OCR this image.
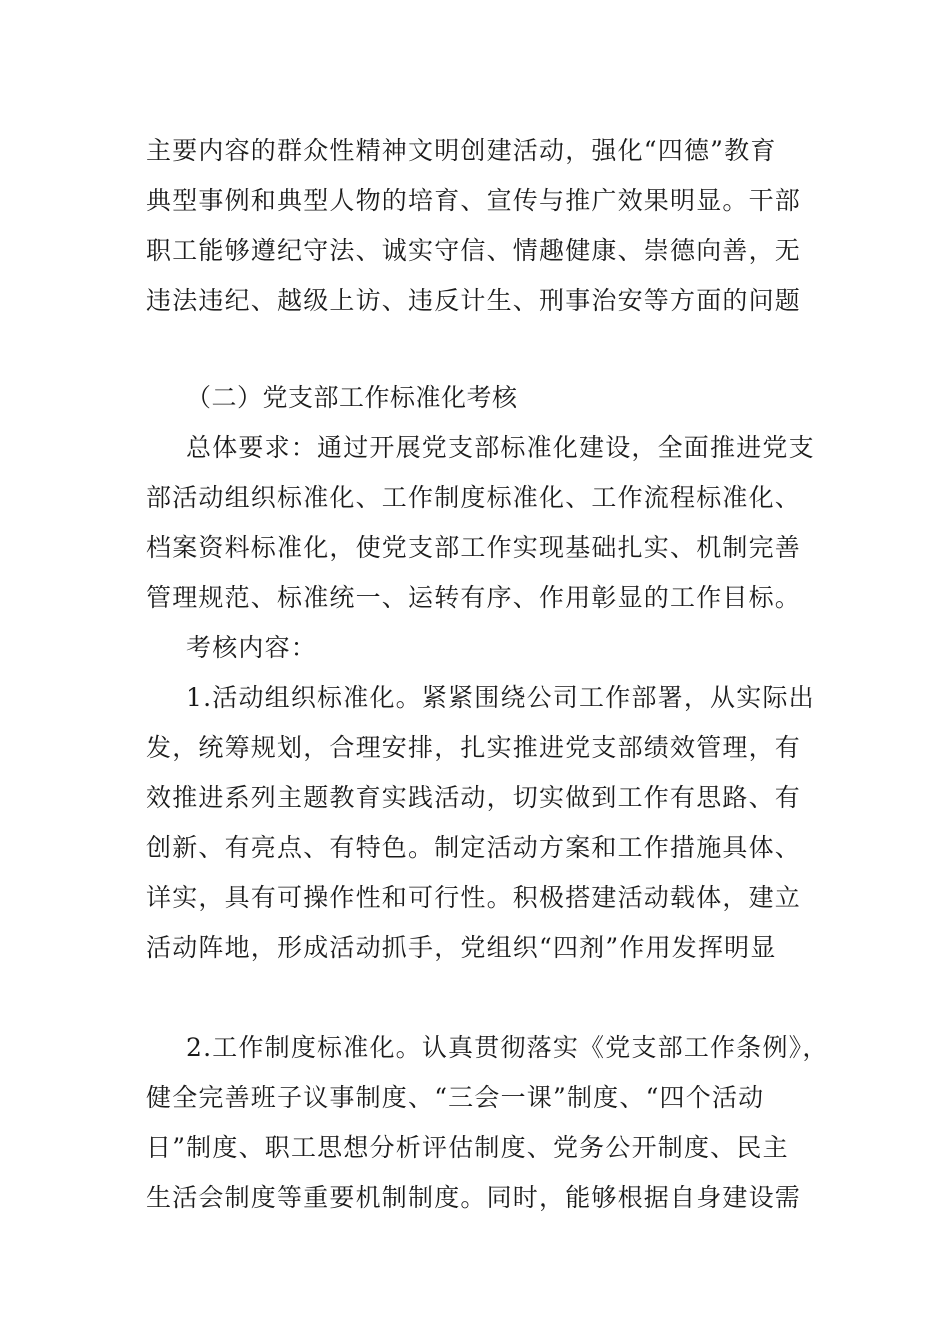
主要内容的群众性精神文明创建活动，强化“四德”教育
典型事例和典型人物的培育、宣传与推广效果明显。干部
职工能够遵纪守法、诚实守信、情趣健康、崇德向善，无
违法违纪、越级上访、违反计生、刑事治安等方面的问题
（二）党支部工作标准化考核
总体要求：通过开展党支部标准化建设，全面推进党支
部活动组织标准化、工作制度标准化、工作流程标准化、
档案资料标准化，使党支部工作实现基础扎实、机制完善
管理规范、标准统一、运转有序、作用彰显的工作目标。
考核内容：
1.活动组织标准化。紧紧围绕公司工作部署，从实际出
发，统筹规划，合理安排，扎实推进党支部绩效管理，有
效推进系列主题教育实践活动，切实做到工作有思路、有
创新、有亮点、有特色。制定活动方案和工作措施具体、
详实，具有可操作性和可行性。积极搭建活动载体，建立
活动阵地，形成活动抓手，党组织“四剂”作用发挥明显
2.工作制度标准化。认真贯彻落实《党支部工作条例》，
健全完善班子议事制度、“三会一课”制度、“四个活动
日”制度、职工思想分析评估制度、党务公开制度、民主
生活会制度等重要机制制度。同时，能够根据自身建设需
